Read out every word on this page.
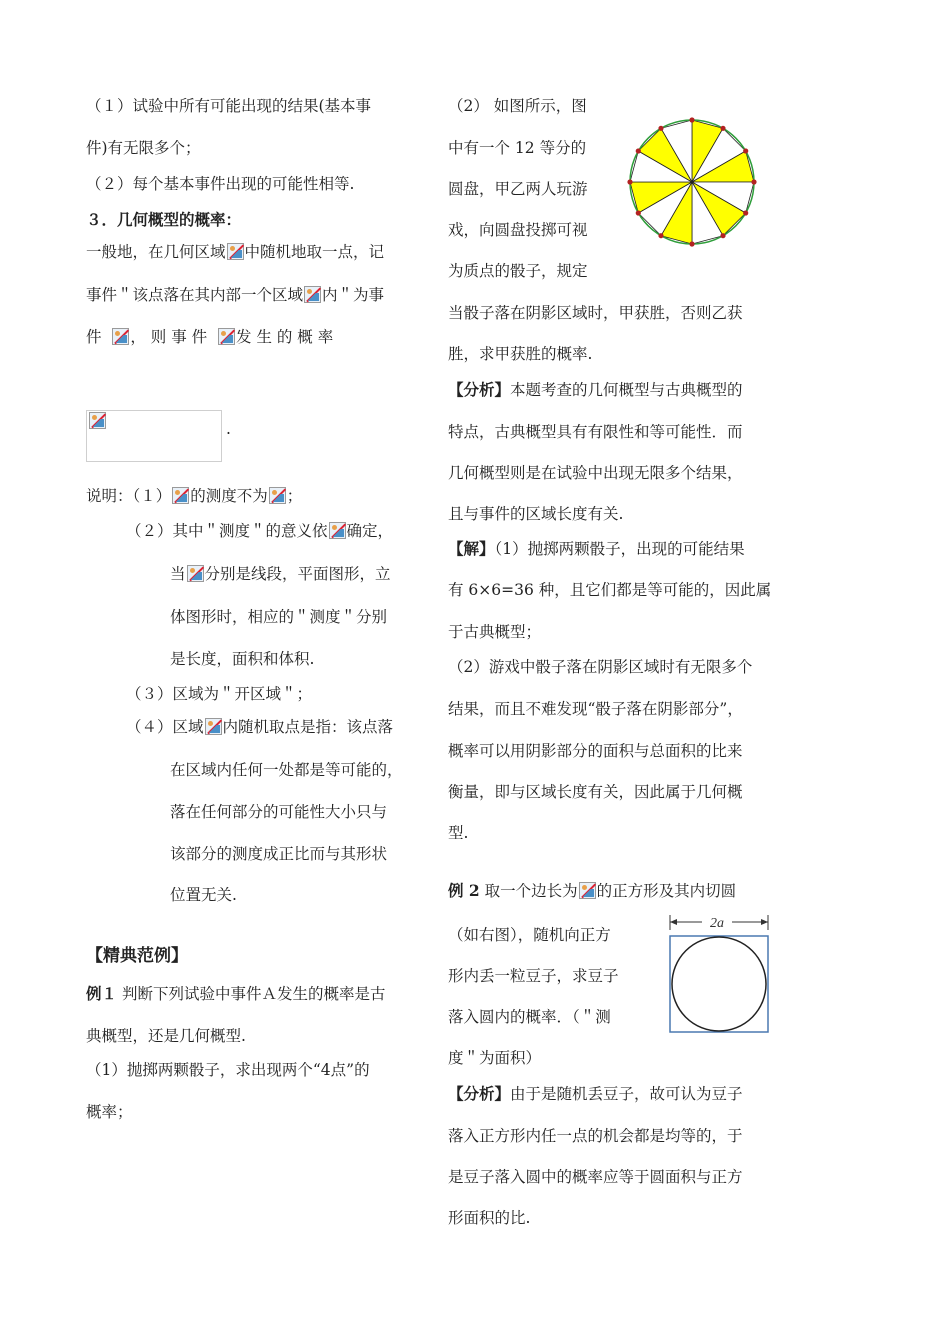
（１）试验中所有可能出现的结果(基本事
件)有无限多个；
（２）每个基本事件出现的可能性相等.
３．几何概型的概率：
一般地，在几何区域 中随机地取一点，记
事件＂该点落在其内部一个区域 内＂为事
件 ， 则 事 件 发 生 的 概 率
.
说明：（１） 的测度不为 ；
（２）其中＂测度＂的意义依 确定，
当 分别是线段，平面图形，立
体图形时，相应的＂测度＂分别
是长度，面积和体积.
（３）区域为＂开区域＂；
（４）区域 内随机取点是指：该点落
在区域内任何一处都是等可能的，
落在任何部分的可能性大小只与
该部分的测度成正比而与其形状
位置无关.
【精典范例】
例１ 判断下列试验中事件Ａ发生的概率是古
典概型，还是几何概型.
（1）抛掷两颗骰子，求出现两个“4点”的
概率；
（2） 如图所示，图
中有一个 12 等分的
圆盘，甲乙两人玩游
戏，向圆盘投掷可视
为质点的骰子，规定
当骰子落在阴影区域时，甲获胜，否则乙获
胜，求甲获胜的概率.
【分析】本题考查的几何概型与古典概型的
特点，古典概型具有有限性和等可能性．而
几何概型则是在试验中出现无限多个结果，
且与事件的区域长度有关.
【解】（1）抛掷两颗骰子，出现的可能结果
有 6×6=36 种，且它们都是等可能的，因此属
于古典概型；
（2）游戏中骰子落在阴影区域时有无限多个
结果，而且不难发现“骰子落在阴影部分”，
概率可以用阴影部分的面积与总面积的比来
衡量，即与区域长度有关，因此属于几何概
型.
例 2 取一个边长为 的正方形及其内切圆
（如右图），随机向正方
形内丢一粒豆子，求豆子
落入圆内的概率．（＂测
度＂为面积）
2a
【分析】由于是随机丢豆子，故可认为豆子
落入正方形内任一点的机会都是均等的，于
是豆子落入圆中的概率应等于圆面积与正方
形面积的比.
